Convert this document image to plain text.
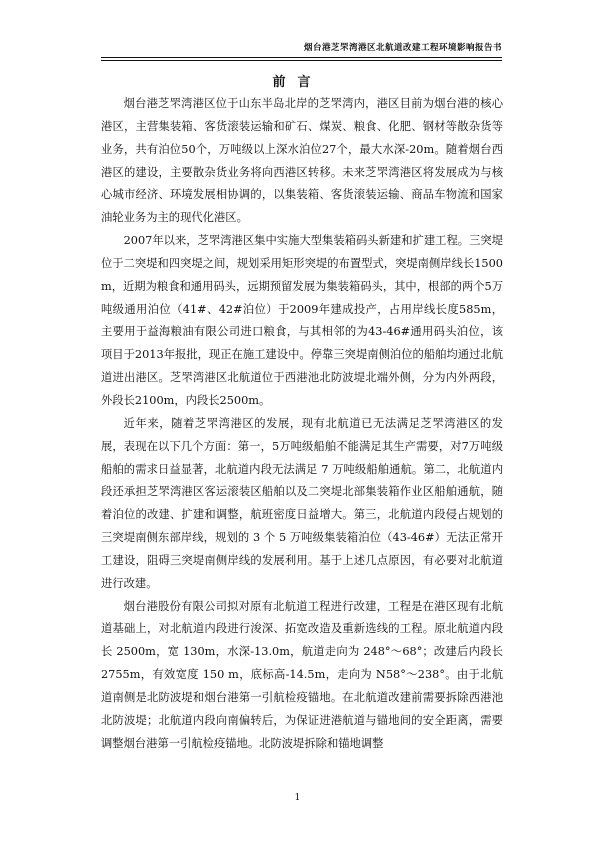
烟台港芝罘湾港区北航道改建工程环境影响报告书
前言

烟台港芝罘湾港区位于山东半岛北岸的芝罘湾内，港区目前为烟台港的核心港区，主营集装箱、客货滚装运输和矿石、煤炭、粮食、化肥、钢材等散杂货等业务，共有泊位50个，万吨级以上深水泊位27个，最大水深-20m。随着烟台西港区的建设，主要散杂货业务将向西港区转移。未来芝罘湾港区将发展成为与核心城市经济、环境发展相协调的，以集装箱、客货滚装运输、商品车物流和国家油轮业务为主的现代化港区。

2007年以来，芝罘湾港区集中实施大型集装箱码头新建和扩建工程。三突堤位于二突堤和四突堤之间，规划采用矩形突堤的布置型式，突堤南侧岸线长1500m，近期为粮食和通用码头，远期预留发展为集装箱码头，其中，根部的两个5万吨级通用泊位（41#、42#泊位）于2009年建成投产，占用岸线长度585m，主要用于益海粮油有限公司进口粮食，与其相邻的为43-46#通用码头泊位，该项目于2013年报批，现正在施工建设中。停靠三突堤南侧泊位的船舶均通过北航道进出港区。芝罘湾港区北航道位于西港池北防波堤北端外侧，分为内外两段，外段长2100m，内段长2500m。

近年来，随着芝罘湾港区的发展，现有北航道已无法满足芝罘湾港区的发展，表现在以下几个方面：第一，5万吨级船舶不能满足其生产需要，对7万吨级船舶的需求日益显著，北航道内段无法满足 7 万吨级船舶通航。第二，北航道内段还承担芝罘湾港区客运滚装区船舶以及二突堤北部集装箱作业区船舶通航，随着泊位的改建、扩建和调整，航班密度日益增大。第三，北航道内段侵占规划的三突堤南侧东部岸线，规划的 3 个 5 万吨级集装箱泊位（43-46#）无法正常开工建设，阻碍三突堤南侧岸线的发展利用。基于上述几点原因，有必要对北航道进行改建。

烟台港股份有限公司拟对原有北航道工程进行改建，工程是在港区现有北航道基础上，对北航道内段进行浚深、拓宽改造及重新选线的工程。原北航道内段长 2500m，宽 130m，水深-13.0m，航道走向为 248°～68°；改建后内段长 2755m，有效宽度 150 m，底标高-14.5m，走向为 N58°～238°。由于北航道南侧是北防波堤和烟台港第一引航检疫锚地。在北航道改建前需要拆除西港池北防波堤；北航道内段向南偏转后，为保证进港航道与锚地间的安全距离，需要调整烟台港第一引航检疫锚地。北防波堤拆除和锚地调整

1
